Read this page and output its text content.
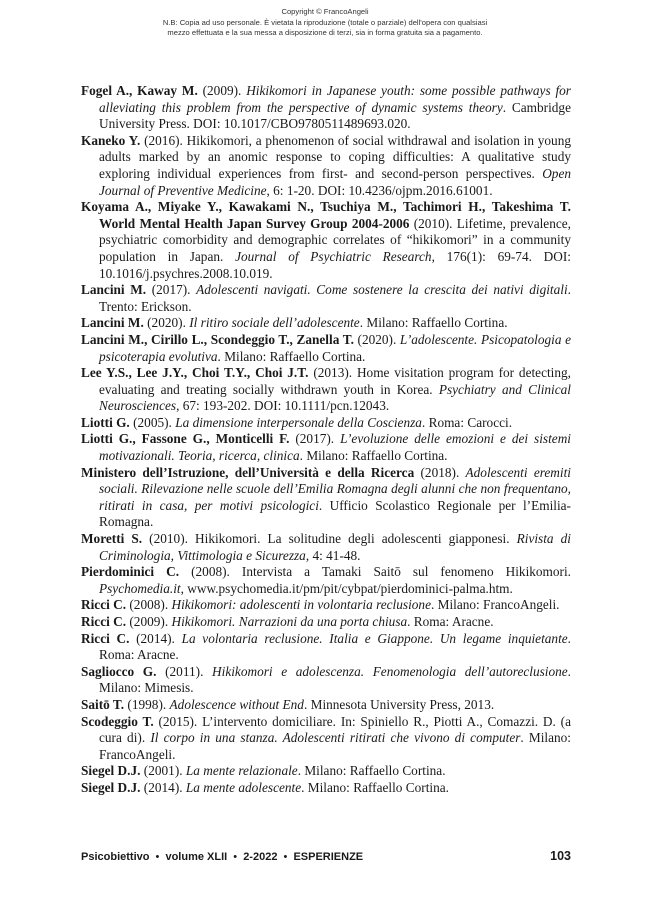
Copyright © FrancoAngeli
N.B: Copia ad uso personale. È vietata la riproduzione (totale o parziale) dell'opera con qualsiasi
mezzo effettuata e la sua messa a disposizione di terzi, sia in forma gratuita sia a pagamento.
Fogel A., Kaway M. (2009). Hikikomori in Japanese youth: some possible pathways for alleviating this problem from the perspective of dynamic systems theory. Cambridge University Press. DOI: 10.1017/CBO9780511489693.020.
Kaneko Y. (2016). Hikikomori, a phenomenon of social withdrawal and isolation in young adults marked by an anomic response to coping difficulties: A qualitative study exploring individual experiences from first- and second-person perspectives. Open Journal of Preventive Medicine, 6: 1-20. DOI: 10.4236/ojpm.2016.61001.
Koyama A., Miyake Y., Kawakami N., Tsuchiya M., Tachimori H., Takeshima T. World Mental Health Japan Survey Group 2004-2006 (2010). Lifetime, prevalence, psychiatric comorbidity and demographic correlates of “hikikomori” in a community population in Japan. Journal of Psychiatric Research, 176(1): 69-74. DOI: 10.1016/j.psychres.2008.10.019.
Lancini M. (2017). Adolescenti navigati. Come sostenere la crescita dei nativi digitali. Trento: Erickson.
Lancini M. (2020). Il ritiro sociale dell’adolescente. Milano: Raffaello Cortina.
Lancini M., Cirillo L., Scondeggio T., Zanella T. (2020). L’adolescente. Psicopatologia e psicoterapia evolutiva. Milano: Raffaello Cortina.
Lee Y.S., Lee J.Y., Choi T.Y., Choi J.T. (2013). Home visitation program for detecting, evaluating and treating socially withdrawn youth in Korea. Psychiatry and Clinical Neurosciences, 67: 193-202. DOI: 10.1111/pcn.12043.
Liotti G. (2005). La dimensione interpersonale della Coscienza. Roma: Carocci.
Liotti G., Fassone G., Monticelli F. (2017). L’evoluzione delle emozioni e dei sistemi motivazionali. Teoria, ricerca, clinica. Milano: Raffaello Cortina.
Ministero dell’Istruzione, dell’Università e della Ricerca (2018). Adolescenti eremiti sociali. Rilevazione nelle scuole dell’Emilia Romagna degli alunni che non frequentano, ritirati in casa, per motivi psicologici. Ufficio Scolastico Regionale per l’Emilia-Romagna.
Moretti S. (2010). Hikikomori. La solitudine degli adolescenti giapponesi. Rivista di Criminologia, Vittimologia e Sicurezza, 4: 41-48.
Pierdominici C. (2008). Intervista a Tamaki Saitō sul fenomeno Hikikomori. Psychomedia.it, www.psychomedia.it/pm/pit/cybpat/pierdominici-palma.htm.
Ricci C. (2008). Hikikomori: adolescenti in volontaria reclusione. Milano: FrancoAngeli.
Ricci C. (2009). Hikikomori. Narrazioni da una porta chiusa. Roma: Aracne.
Ricci C. (2014). La volontaria reclusione. Italia e Giappone. Un legame inquietante. Roma: Aracne.
Sagliocco G. (2011). Hikikomori e adolescenza. Fenomenologia dell’autoreclusione. Milano: Mimesis.
Saitō T. (1998). Adolescence without End. Minnesota University Press, 2013.
Scodeggio T. (2015). L’intervento domiciliare. In: Spiniello R., Piotti A., Comazzi. D. (a cura di). Il corpo in una stanza. Adolescenti ritirati che vivono di computer. Milano: FrancoAngeli.
Siegel D.J. (2001). La mente relazionale. Milano: Raffaello Cortina.
Siegel D.J. (2014). La mente adolescente. Milano: Raffaello Cortina.
Psicobiettivo • volume XLII • 2-2022 • ESPERIENZE	103
